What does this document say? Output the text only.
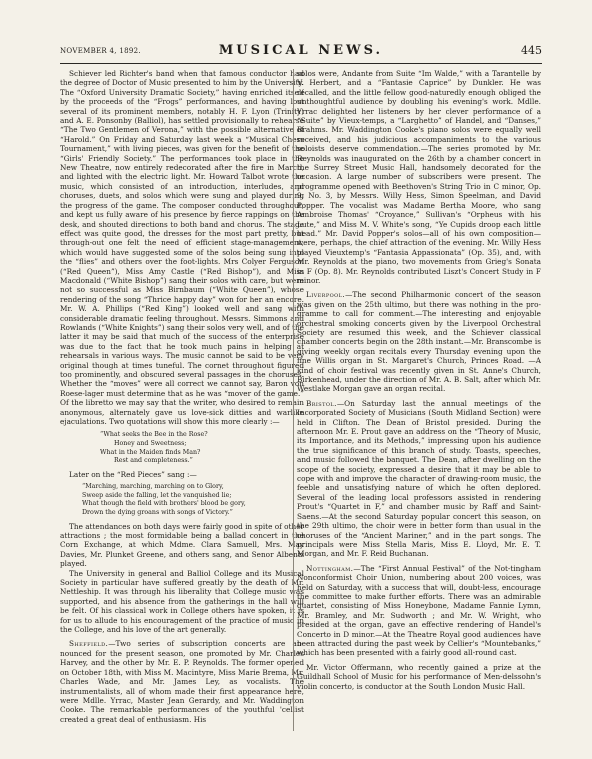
NOVEMBER 4, 1892.	MUSICAL NEWS.	445

Schiever led Richter's band when that famous conductor had the degree of Doctor of Music presented to him by the University. The “Oxford University Dramatic Society,” having enriched itself by the proceeds of the “Frogs” performances, and having lost several of its prominent members, notably H. F. Lyon (Trinity) and A. E. Ponsonby (Balliol), has settled provisionally to rehearse “The Two Gentlemen of Verona,” with the possible alternative of “Harold.” On Friday and Saturday last week a “Musical Chess Tournament,” with living pieces, was given for the benefit of the “Girls' Friendly Society.” The performances took place in the New Theatre, now entirely redecorated after the fire in March, and lighted with the electric light. Mr. Howard Talbot wrote the music, which consisted of an introduction, interludes, and choruses, duets, and solos which were sung and played during the progress of the game. The composer conducted throughout, and kept us fully aware of his presence by fierce rappings on the desk, and shouted directions to both band and chorus. The stage effect was quite good, the dresses for the most part pretty, but through-out one felt the need of efficient stage-management, which would have suggested some of the solos being sung into the “flies” and others over the foot-lights. Mrs Colyer Ferguson (“Red Queen”), Miss Amy Castle (“Red Bishop”), and Miss Macdonald (“White Bishop”) sang their solos with care, but were not so successful as Miss Birnbaum (“White Queen”), whose rendering of the song “Thrice happy day” won for her an encore. Mr. W. A. Phillips (“Red King”) looked well and sang with considerable dramatic feeling throughout. Messrs. Simmons and Rowlands (“White Knights”) sang their solos very well, and of the latter it may be said that much of the success of the enterprise was due to the fact that he took much pains in helping at rehearsals in various ways. The music cannot be said to be very original though at times tuneful. The cornet throughout figured too prominently, and obscured several passages in the choruses. Whether the “moves” were all correct we cannot say, Baron von Roese-lager must determine that as he was “mover of the game.” Of the libretto we may say that the writer, who desired to remain anonymous, alternately gave us love-sick ditties and warlike ejaculations. Two quotations will show this more clearly :—

“What seeks the Bee in the Rose?
Honey and Sweetness;
What in the Maiden finds Man?
Rest and completeness.”

Later on the “Red Pieces” sang :—

“Marching, marching, marching on to Glory,
Sweep aside the falling, let the vanquished lie;
What though the field with brothers' blood be gory,
Drown the dying groans with songs of Victory.”

The attendances on both days were fairly good in spite of other attractions ; the most formidable being a ballad concert in the Corn Exchange, at which Mdme. Clara Samuell, Mrs. May Davies, Mr. Plunket Greene, and others sang, and Senor Albeniz played.

The University in general and Balliol College and its Musical Society in particular have suffered greatly by the death of Mr. Nettleship. It was through his liberality that College music was supported, and his absence from the gatherings in the hall will be felt. Of his classical work in College others have spoken, it is for us to allude to his encouragement of the practice of music in the College, and his love of the art generally.

Sheffield.—Two series of subscription concerts are an-nounced for the present season, one promoted by Mr. Charles Harvey, and the other by Mr. E. P. Reynolds. The former opened on October 18th, with Miss M. Macintyre, Miss Marie Brema, Mr. Charles Wade, and Mr. James Ley, as vocalists. The instrumentalists, all of whom made their first appearance here, were Mdlle. Yrrac, Master Jean Gerardy, and Mr. Waddington Cooke. The remarkable performances of the youthful 'cellist created a great deal of enthusiasm. His

solos were, Andante from Suite “Im Walde,” with a Tarantelle by V. Herbert, and a “Fantasie Caprice” by Dunkler. He was recalled, and the little fellow good-naturedly enough obliged the unthoughtful audience by doubling his evening's work. Mdlle. Yrrac delighted her listeners by her clever performance of a “Suite” by Vieux-temps, a “Larghetto” of Handel, and “Danses,” Brahms. Mr. Waddington Cooke's piano solos were equally well received, and his judicious accompaniments to the various soloists deserve commendation.—The series promoted by Mr. Reynolds was inaugurated on the 26th by a chamber concert in the Surrey Street Music Hall, handsomely decorated for the occasion. A large number of subscribers were present. The programme opened with Beethoven's String Trio in C minor, Op. 9, No. 3, by Messrs. Willy Hess, Simon Speelman, and David Popper. The vocalist was Madame Bertha Moore, who sang Ambroise Thomas' “Croyance,” Sullivan's “Orpheus with his Lute,” and Miss M. V. White's song, “Ye Cupids droop each little head.” Mr. David Popper's solos—all of his own composition—were, perhaps, the chief attraction of the evening. Mr. Willy Hess played Vieuxtemp's “Fantasia Appassionata” (Op. 35), and, with Mr. Reynolds at the piano, two movements from Grieg's Sonata in F (Op. 8). Mr. Reynolds contributed Liszt's Concert Study in F minor.

Liverpool.—The second Philharmonic concert of the season was given on the 25th ultimo, but there was nothing in the pro-gramme to call for comment.—The interesting and enjoyable orchestral smoking concerts given by the Liverpool Orchestral Society are resumed this week, and the Schiever classical chamber concerts begin on the 28th instant.—Mr. Branscombe is giving weekly organ recitals every Thursday evening upon the fine Willis organ in St. Margaret's Church, Princes Road. —A kind of choir festival was recently given in St. Anne's Church, Birkenhead, under the direction of Mr. A. B. Salt, after which Mr. Westlake Morgan gave an organ recital.

Bristol.—On Saturday last the annual meetings of the Incorporated Society of Musicians (South Midland Section) were held in Clifton. The Dean of Bristol presided. During the afternoon Mr. E. Prout gave an address on the “Theory of Music, its Importance, and its Methods,” impressing upon his audience the true significance of this branch of study. Toasts, speeches, and music followed the banquet. The Dean, after dwelling on the scope of the society, expressed a desire that it may be able to cope with and improve the character of drawing-room music, the feeble and unsatisfying nature of which he often deplored. Several of the leading local professors assisted in rendering Prout's “Quartet in F,” and chamber music by Raff and Saint-Saens.—At the second Saturday popular concert this season, on the 29th ultimo, the choir were in better form than usual in the choruses of the “Ancient Mariner,” and in the part songs. The principals were Miss Stella Maris, Miss E. Lloyd, Mr. E. T. Morgan, and Mr. F. Reid Buchanan.

Nottingham.—The “First Annual Festival” of the Not-tingham Nonconformist Choir Union, numbering about 200 voices, was held on Saturday, with a success that will, doubt-less, encourage the committee to make further efforts. There was an admirable quartet, consisting of Miss Honeybone, Madame Fannie Lymn, Mr. Bramley, and Mr. Sudworth ; and Mr. W. Wright, who presided at the organ, gave an effective rendering of Handel's Concerto in D minor.—At the Theatre Royal good audiences have been attracted during the past week by Cellier's “Mountebanks,” which has been presented with a fairly good all-round cast.

Mr. Victor Offermann, who recently gained a prize at the Guildhall School of Music for his performance of Men-delssohn's violin concerto, is conductor at the South London Music Hall.
